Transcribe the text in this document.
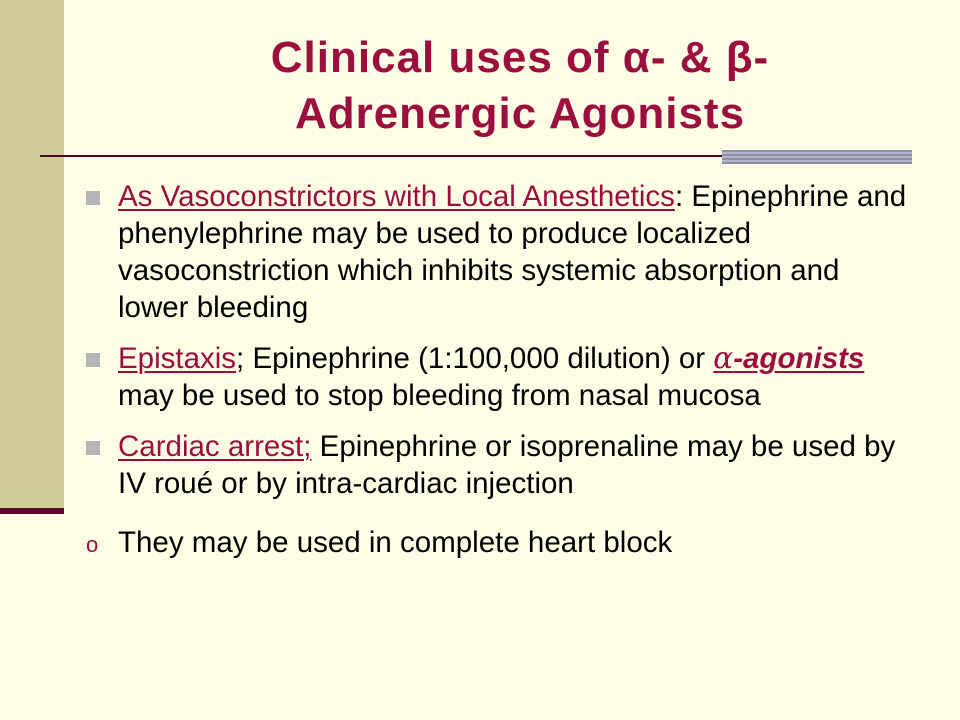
Clinical uses of α- & β-
Adrenergic Agonists
As Vasoconstrictors with Local Anesthetics: Epinephrine and phenylephrine may be used to produce localized vasoconstriction which inhibits systemic absorption and lower bleeding
Epistaxis; Epinephrine (1:100,000 dilution) or α-agonists may be used to stop bleeding from nasal mucosa
Cardiac arrest; Epinephrine or isoprenaline may be used by IV roué or by intra-cardiac injection
o They may be used in complete heart block
